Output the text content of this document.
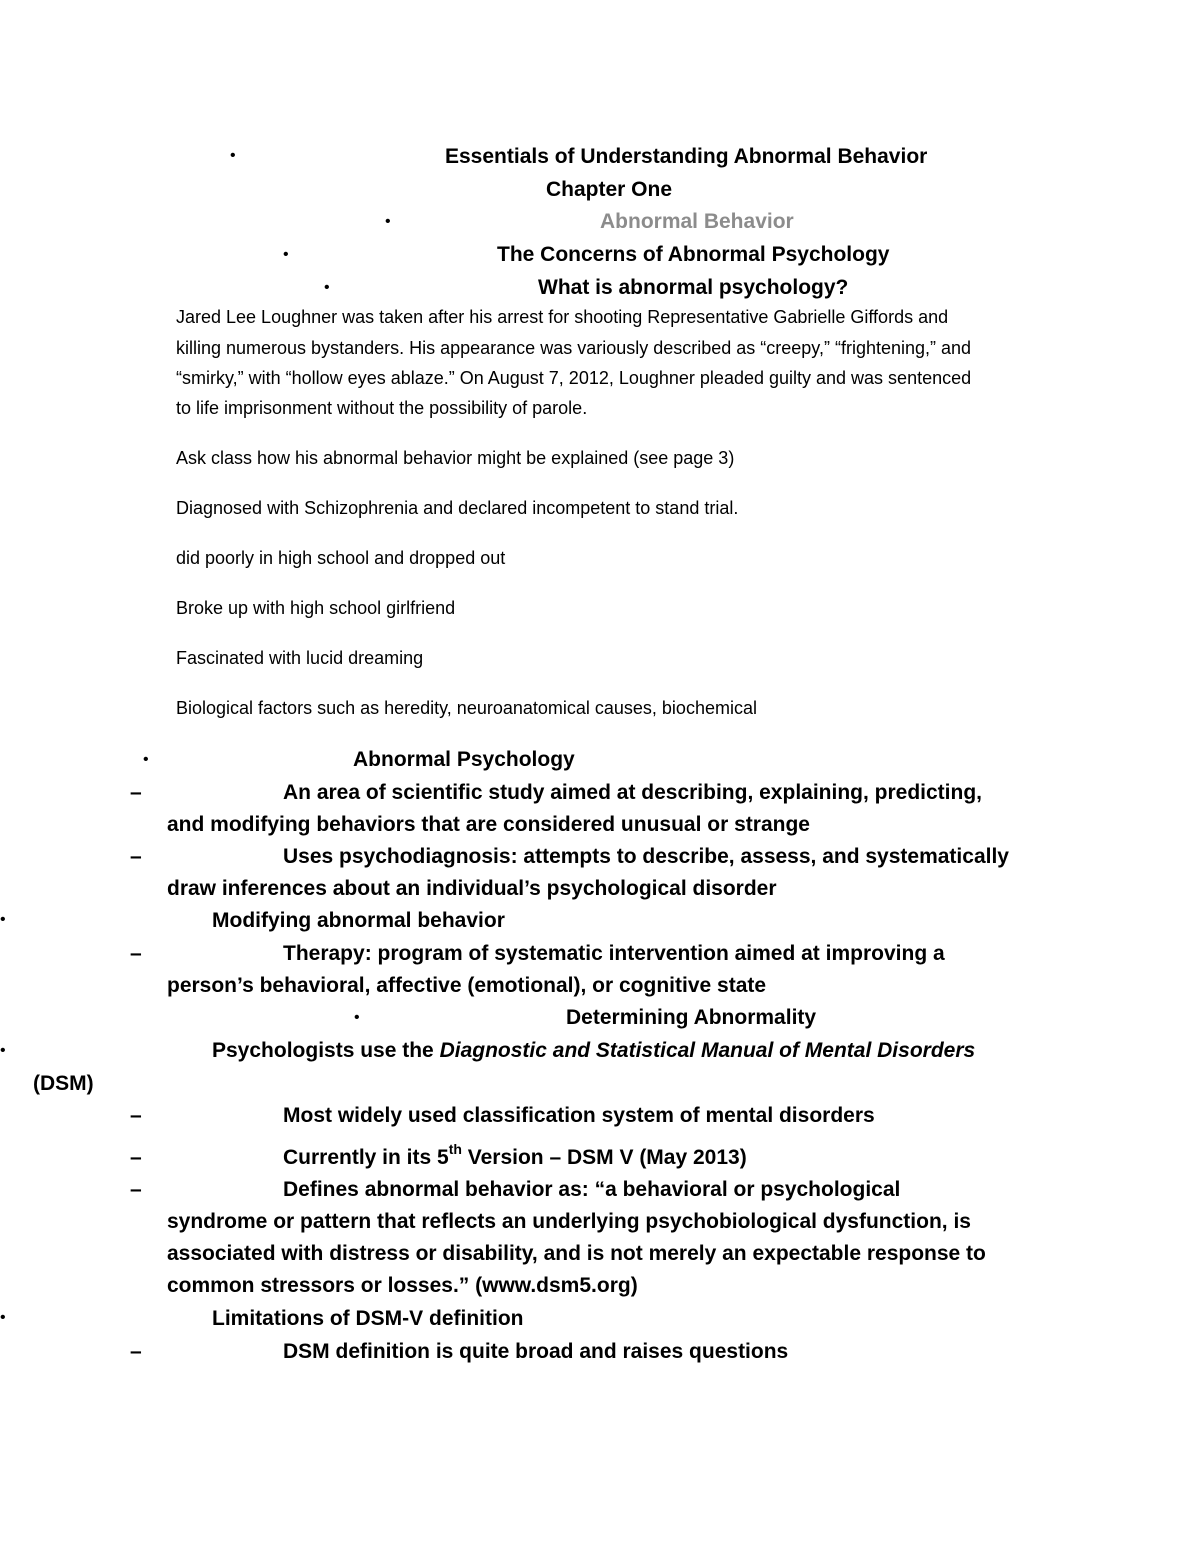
•	Essentials of Understanding Abnormal Behavior
Chapter One
•	Abnormal Behavior
•	The Concerns of Abnormal Psychology
•	What is abnormal psychology?
Jared Lee Loughner was taken after his arrest for shooting Representative Gabrielle Giffords and
killing numerous bystanders. His appearance was variously described as “creepy,” “frightening,” and
“smirky,” with “hollow eyes ablaze.” On August 7, 2012, Loughner pleaded guilty and was sentenced
to life imprisonment without the possibility of parole.
Ask class how his abnormal behavior might be explained (see page 3)
Diagnosed with Schizophrenia and declared incompetent to stand trial.
did poorly in high school and dropped out
Broke up with high school girlfriend
Fascinated with lucid dreaming
Biological factors such as heredity, neuroanatomical causes, biochemical
•	Abnormal Psychology
–	An area of scientific study aimed at describing, explaining, predicting,
and modifying behaviors that are considered unusual or strange
–	Uses psychodiagnosis: attempts to describe, assess, and systematically
draw inferences about an individual’s psychological disorder
•	Modifying abnormal behavior
–	Therapy: program of systematic intervention aimed at improving a
person’s behavioral, affective (emotional), or cognitive state
•	Determining Abnormality
•	Psychologists use the Diagnostic and Statistical Manual of Mental Disorders
(DSM)
–	Most widely used classification system of mental disorders
–	Currently in its 5th Version – DSM V (May 2013)
–	Defines abnormal behavior as: “a behavioral or psychological
syndrome or pattern that reflects an underlying psychobiological dysfunction, is
associated with distress or disability, and is not merely an expectable response to
common stressors or losses.” (www.dsm5.org)
•	Limitations of DSM-V definition
–	DSM definition is quite broad and raises questions
